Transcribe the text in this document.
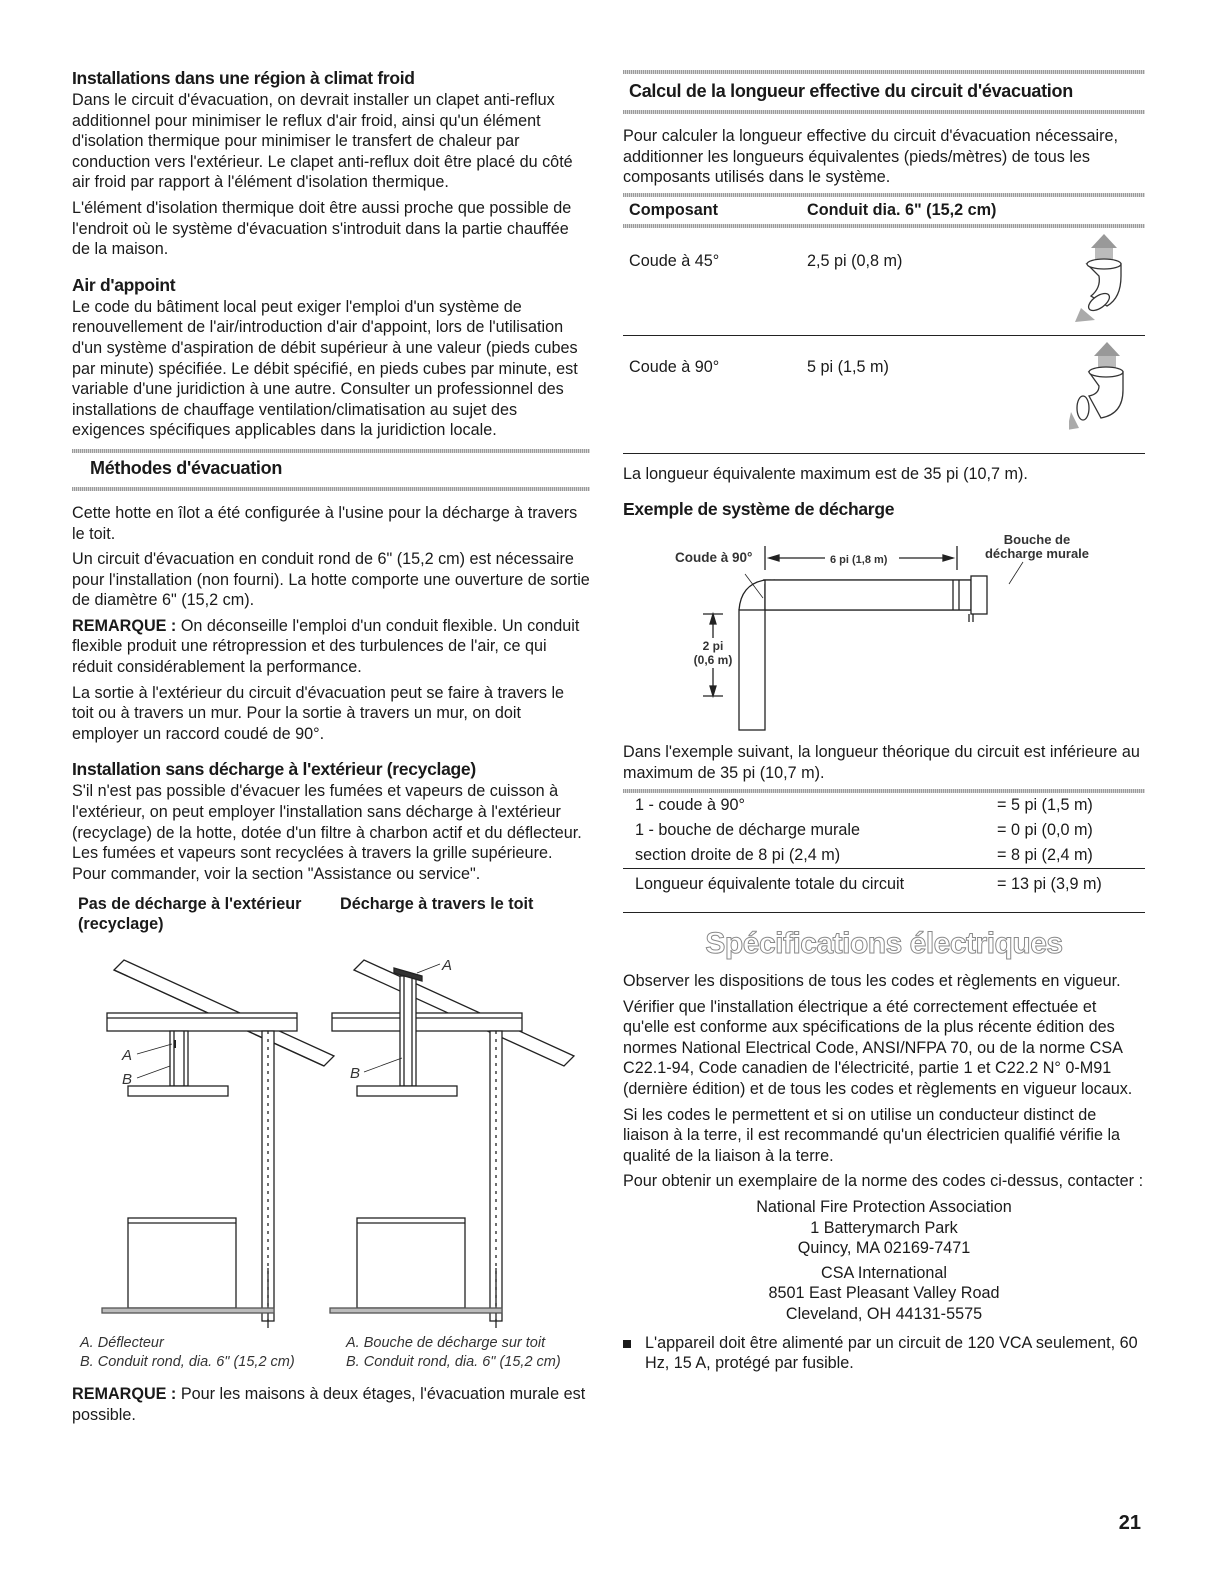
Installations dans une région à climat froid

Dans le circuit d'évacuation, on devrait installer un clapet anti-reflux additionnel pour minimiser le reflux d'air froid, ainsi qu'un élément d'isolation thermique pour minimiser le transfert de chaleur par conduction vers l'extérieur. Le clapet anti-reflux doit être placé du côté air froid par rapport à l'élément d'isolation thermique.

L'élément d'isolation thermique doit être aussi proche que possible de l'endroit où le système d'évacuation s'introduit dans la partie chauffée de la maison.

Air d'appoint

Le code du bâtiment local peut exiger l'emploi d'un système de renouvellement de l'air/introduction d'air d'appoint, lors de l'utilisation d'un système d'aspiration de débit supérieur à une valeur (pieds cubes par minute) spécifiée. Le débit spécifié, en pieds cubes par minute, est variable d'une juridiction à une autre. Consulter un professionnel des installations de chauffage ventilation/climatisation au sujet des exigences spécifiques applicables dans la juridiction locale.

Méthodes d'évacuation

Cette hotte en îlot a été configurée à l'usine pour la décharge à travers le toit.

Un circuit d'évacuation en conduit rond de 6" (15,2 cm) est nécessaire pour l'installation (non fourni). La hotte comporte une ouverture de sortie de diamètre 6" (15,2 cm).

REMARQUE : On déconseille l'emploi d'un conduit flexible. Un conduit flexible produit une rétropression et des turbulences de l'air, ce qui réduit considérablement la performance.

La sortie à l'extérieur du circuit d'évacuation peut se faire à travers le toit ou à travers un mur. Pour la sortie à travers un mur, on doit employer un raccord coudé de 90°.

Installation sans décharge à l'extérieur (recyclage)

S'il n'est pas possible d'évacuer les fumées et vapeurs de cuisson à l'extérieur, on peut employer l'installation sans décharge à l'extérieur (recyclage) de la hotte, dotée d'un filtre à charbon actif et du déflecteur. Les fumées et vapeurs sont recyclées à travers la grille supérieure. Pour commander, voir la section "Assistance ou service".

Pas de décharge à l'extérieur (recyclage)
Décharge à travers le toit
A
B
A
B
A. Déflecteur
B. Conduit rond, dia. 6" (15,2 cm)
A. Bouche de décharge sur toit
B. Conduit rond, dia. 6" (15,2 cm)

REMARQUE : Pour les maisons à deux étages, l'évacuation murale est possible.

Calcul de la longueur effective du circuit d'évacuation

Pour calculer la longueur effective du circuit d'évacuation nécessaire, additionner les longueurs équivalentes (pieds/mètres) de tous les composants utilisés dans le système.

Composant	Conduit dia. 6" (15,2 cm)	
Coude à 45°	2,5 pi (0,8 m)	
Coude à 90°	5 pi (1,5 m)	

La longueur équivalente maximum est de 35 pi (10,7 m).

Exemple de système de décharge
Coude à 90°	6 pi (1,8 m)
Bouche de
décharge murale
2 pi
(0,6 m)

Dans l'exemple suivant, la longueur théorique du circuit est inférieure au maximum de 35 pi (10,7 m).

1 - coude à 90°	= 5 pi (1,5 m)
1 - bouche de décharge murale	= 0 pi (0,0 m)
section droite de 8 pi (2,4 m)	= 8 pi (2,4 m)
Longueur équivalente totale du circuit	= 13 pi (3,9 m)
Spécifications électriques

Observer les dispositions de tous les codes et règlements en vigueur.

Vérifier que l'installation électrique a été correctement effectuée et qu'elle est conforme aux spécifications de la plus récente édition des normes National Electrical Code, ANSI/NFPA 70, ou de la norme CSA C22.1-94, Code canadien de l'électricité, partie 1 et C22.2 N° 0-M91 (dernière édition) et de tous les codes et règlements en vigueur locaux.

Si les codes le permettent et si on utilise un conducteur distinct de liaison à la terre, il est recommandé qu'un électricien qualifié vérifie la qualité de la liaison à la terre.

Pour obtenir un exemplaire de la norme des codes ci-dessus, contacter :

National Fire Protection Association
1 Batterymarch Park
Quincy, MA 02169-7471
CSA International
8501 East Pleasant Valley Road
Cleveland, OH 44131-5575
L'appareil doit être alimenté par un circuit de 120 VCA seulement, 60 Hz, 15 A, protégé par fusible.
21
